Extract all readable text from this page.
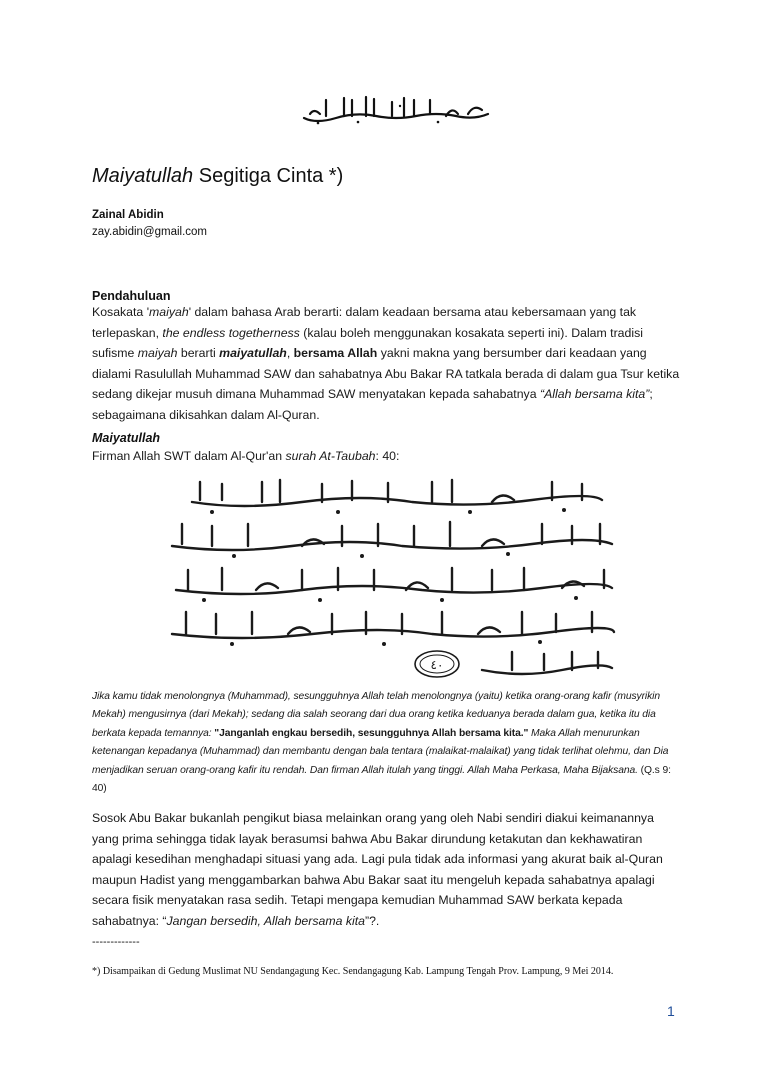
Maiyatullah Segitiga Cinta *)
Zainal Abidin
zay.abidin@gmail.com
Pendahuluan

Kosakata 'maiyah' dalam bahasa Arab berarti: dalam keadaan bersama atau kebersamaan yang tak terlepaskan, the endless togetherness (kalau boleh menggunakan kosakata seperti ini). Dalam tradisi sufisme maiyah berarti maiyatullah, bersama Allah yakni makna yang bersumber dari keadaan yang dialami Rasulullah Muhammad SAW dan sahabatnya Abu Bakar RA tatkala berada di dalam gua Tsur ketika sedang dikejar musuh dimana Muhammad SAW menyatakan kepada sahabatnya “Allah bersama kita”; sebagaimana dikisahkan dalam Al-Quran.

Maiyatullah

Firman Allah SWT dalam Al-Qur'an surah At-Taubah: 40:

٤٠

Jika kamu tidak menolongnya (Muhammad), sesungguhnya Allah telah menolongnya (yaitu) ketika orang-orang kafir (musyrikin Mekah) mengusirnya (dari Mekah); sedang dia salah seorang dari dua orang ketika keduanya berada dalam gua, ketika itu dia berkata kepada temannya: "Janganlah engkau bersedih, sesungguhnya Allah bersama kita." Maka Allah menurunkan ketenangan kepadanya (Muhammad) dan membantu dengan bala tentara (malaikat-malaikat) yang tidak terlihat olehmu, dan Dia menjadikan seruan orang-orang kafir itu rendah. Dan firman Allah itulah yang tinggi. Allah Maha Perkasa, Maha Bijaksana. (Q.s 9: 40)

Sosok Abu Bakar bukanlah pengikut biasa melainkan orang yang oleh Nabi sendiri diakui keimanannya yang prima sehingga tidak layak berasumsi bahwa Abu Bakar dirundung ketakutan dan kekhawatiran apalagi kesedihan menghadapi situasi yang ada. Lagi pula tidak ada informasi yang akurat baik al-Quran maupun Hadist yang menggambarkan bahwa Abu Bakar saat itu mengeluh kepada sahabatnya apalagi secara fisik menyatakan rasa sedih. Tetapi mengapa kemudian Muhammad SAW berkata kepada sahabatnya: “Jangan bersedih, Allah bersama kita”?.

-------------
*) Disampaikan di Gedung Muslimat NU Sendangagung Kec. Sendangagung Kab. Lampung Tengah Prov. Lampung, 9 Mei 2014.
1
